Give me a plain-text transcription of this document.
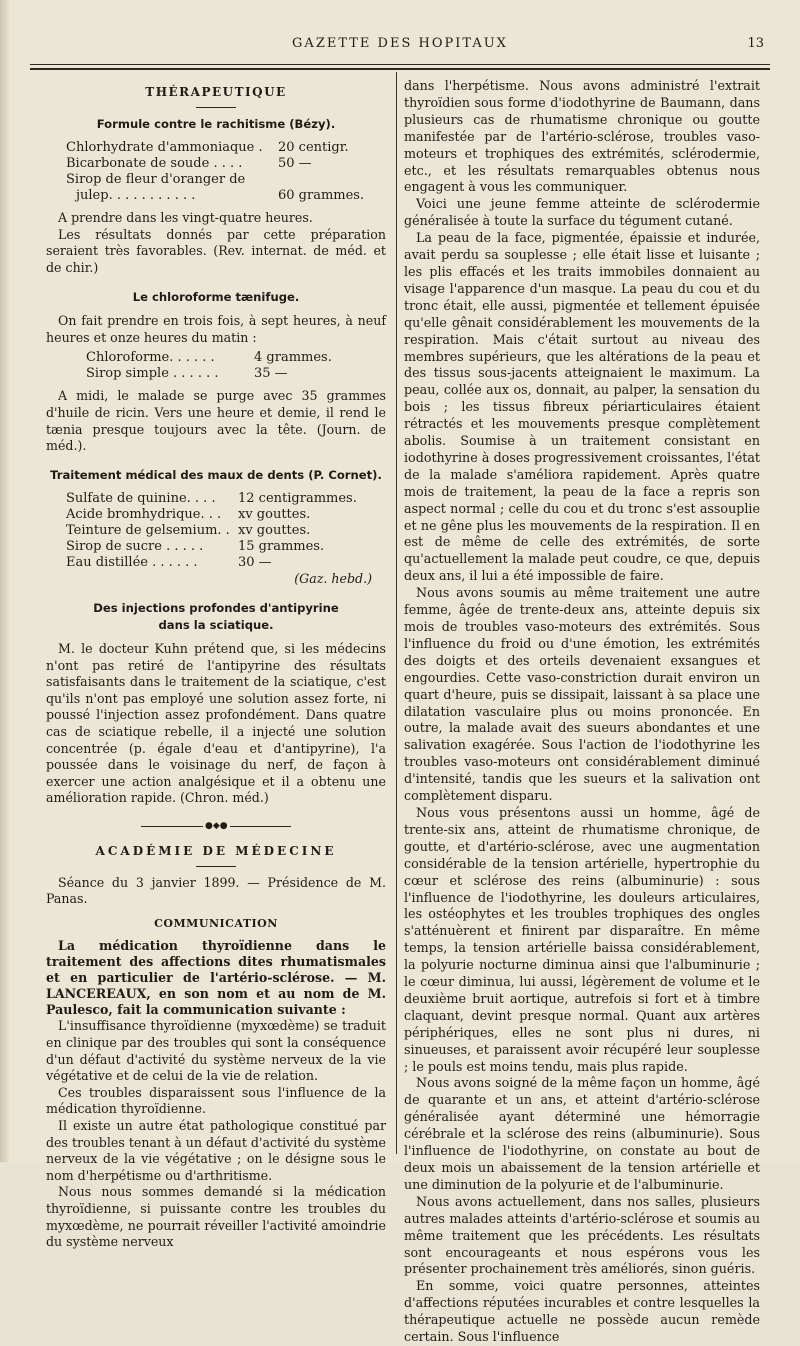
GAZETTE DES HOPITAUX	13
THÉRAPEUTIQUE
Formule contre le rachitisme (Bézy).
Chlorhydrate d'ammoniaque .	20 centigr.
Bicarbonate de soude . . . .	50 —
Sirop de fleur d'oranger de
julep. . . . . . . . . . .	60 grammes.

A prendre dans les vingt-quatre heures.

Les résultats donnés par cette préparation seraient très favorables. (Rev. internat. de méd. et de chir.)

Le chloroforme tænifuge.

On fait prendre en trois fois, à sept heures, à neuf heures et onze heures du matin :

Chloroforme. . . . . .	4 grammes.
Sirop simple . . . . . .	35 —

A midi, le malade se purge avec 35 grammes d'huile de ricin. Vers une heure et demie, il rend le tænia presque toujours avec la tête. (Journ. de méd.).

Traitement médical des maux de dents (P. Cornet).
Sulfate de quinine. . . .	12 centigrammes.
Acide bromhydrique. . .	xv gouttes.
Teinture de gelsemium. . xv gouttes.
Sirop de sucre . . . . .	15 grammes.
Eau distillée . . . . . .	30 —
(Gaz. hebd.)
Des injections profondes d'antipyrine dans la sciatique.

M. le docteur Kuhn prétend que, si les médecins n'ont pas retiré de l'antipyrine des résultats satisfaisants dans le traitement de la sciatique, c'est qu'ils n'ont pas employé une solution assez forte, ni poussé l'injection assez profondément. Dans quatre cas de sciatique rebelle, il a injecté une solution concentrée (p. égale d'eau et d'antipyrine), l'a poussée dans le voisinage du nerf, de façon à exercer une action analgésique et il a obtenu une amélioration rapide. (Chron. méd.)

●◆●
ACADÉMIE DE MÉDECINE

Séance du 3 janvier 1899. — Présidence de M. Panas.

COMMUNICATION

La médication thyroïdienne dans le traitement des affections dites rhumatismales et en particulier de l'artério-sclérose. — M. LANCEREAUX, en son nom et au nom de M. Paulesco, fait la communication suivante :

L'insuffisance thyroïdienne (myxœdème) se traduit en clinique par des troubles qui sont la conséquence d'un défaut d'activité du système nerveux de la vie végétative et de celui de la vie de relation.

Ces troubles disparaissent sous l'influence de la médication thyroïdienne.

Il existe un autre état pathologique constitué par des troubles tenant à un défaut d'activité du système nerveux de la vie végétative ; on le désigne sous le nom d'herpétisme ou d'arthritisme.

Nous nous sommes demandé si la médication thyroïdienne, si puissante contre les troubles du myxœdème, ne pourrait réveiller l'activité amoindrie du système nerveux

dans l'herpétisme. Nous avons administré l'extrait thyroïdien sous forme d'iodothyrine de Baumann, dans plusieurs cas de rhumatisme chronique ou goutte manifestée par de l'artério-sclérose, troubles vaso-moteurs et trophiques des extrémités, sclérodermie, etc., et les résultats remarquables obtenus nous engagent à vous les communiquer.

Voici une jeune femme atteinte de sclérodermie généralisée à toute la surface du tégument cutané.

La peau de la face, pigmentée, épaissie et indurée, avait perdu sa souplesse ; elle était lisse et luisante ; les plis effacés et les traits immobiles donnaient au visage l'apparence d'un masque. La peau du cou et du tronc était, elle aussi, pigmentée et tellement épuisée qu'elle gênait considérablement les mouvements de la respiration. Mais c'était surtout au niveau des membres supérieurs, que les altérations de la peau et des tissus sous-jacents atteignaient le maximum. La peau, collée aux os, donnait, au palper, la sensation du bois ; les tissus fibreux périarticulaires étaient rétractés et les mouvements presque complètement abolis. Soumise à un traitement consistant en iodothyrine à doses progressivement croissantes, l'état de la malade s'améliora rapidement. Après quatre mois de traitement, la peau de la face a repris son aspect normal ; celle du cou et du tronc s'est assouplie et ne gêne plus les mouvements de la respiration. Il en est de même de celle des extrémités, de sorte qu'actuellement la malade peut coudre, ce que, depuis deux ans, il lui a été impossible de faire.

Nous avons soumis au même traitement une autre femme, âgée de trente-deux ans, atteinte depuis six mois de troubles vaso-moteurs des extrémités. Sous l'influence du froid ou d'une émotion, les extrémités des doigts et des orteils devenaient exsangues et engourdies. Cette vaso-constriction durait environ un quart d'heure, puis se dissipait, laissant à sa place une dilatation vasculaire plus ou moins prononcée. En outre, la malade avait des sueurs abondantes et une salivation exagérée. Sous l'action de l'iodothyrine les troubles vaso-moteurs ont considérablement diminué d'intensité, tandis que les sueurs et la salivation ont complètement disparu.

Nous vous présentons aussi un homme, âgé de trente-six ans, atteint de rhumatisme chronique, de goutte, et d'artério-sclérose, avec une augmentation considérable de la tension artérielle, hypertrophie du cœur et sclérose des reins (albuminurie) : sous l'influence de l'iodothyrine, les douleurs articulaires, les ostéophytes et les troubles trophiques des ongles s'atténuèrent et finirent par disparaître. En même temps, la tension artérielle baissa considérablement, la polyurie nocturne diminua ainsi que l'albuminurie ; le cœur diminua, lui aussi, légèrement de volume et le deuxième bruit aortique, autrefois si fort et à timbre claquant, devint presque normal. Quant aux artères périphériques, elles ne sont plus ni dures, ni sinueuses, et paraissent avoir récupéré leur souplesse ; le pouls est moins tendu, mais plus rapide.

Nous avons soigné de la même façon un homme, âgé de quarante et un ans, et atteint d'artério-sclérose généralisée ayant déterminé une hémorragie cérébrale et la sclérose des reins (albuminurie). Sous l'influence de l'iodothyrine, on constate au bout de deux mois un abaissement de la tension artérielle et une diminution de la polyurie et de l'albuminurie.

Nous avons actuellement, dans nos salles, plusieurs autres malades atteints d'artério-sclérose et soumis au même traitement que les précédents. Les résultats sont encourageants et nous espérons vous les présenter prochainement très améliorés, sinon guéris.

En somme, voici quatre personnes, atteintes d'affections réputées incurables et contre lesquelles la thérapeutique actuelle ne possède aucun remède certain. Sous l'influence
